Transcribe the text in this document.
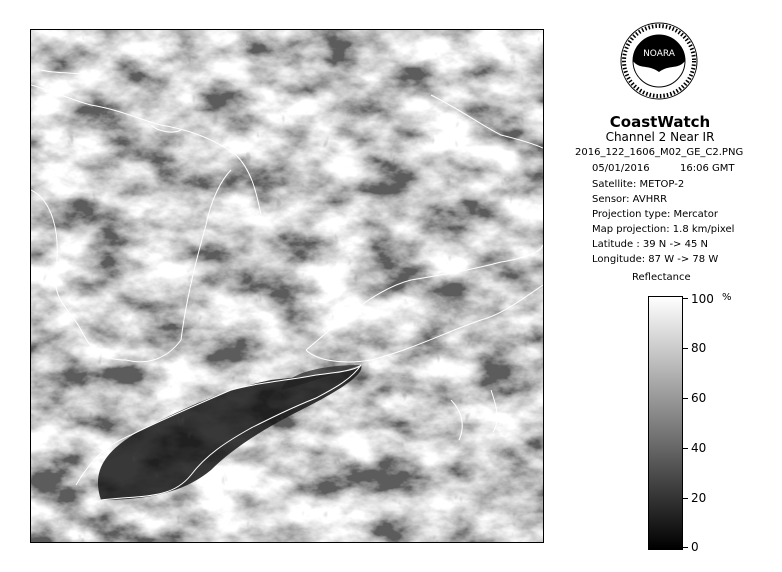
NOARA
CoastWatch
Channel 2 Near IR
2016_122_1606_M02_GE_C2.PNG
05/01/2016	16:06 GMT
Satellite: METOP-2
Sensor: AVHRR
Projection type: Mercator
Map projection: 1.8 km/pixel
Latitude : 39 N -> 45 N
Longitude: 87 W -> 78 W
Reflectance
%
100
80
60
40
20
0
